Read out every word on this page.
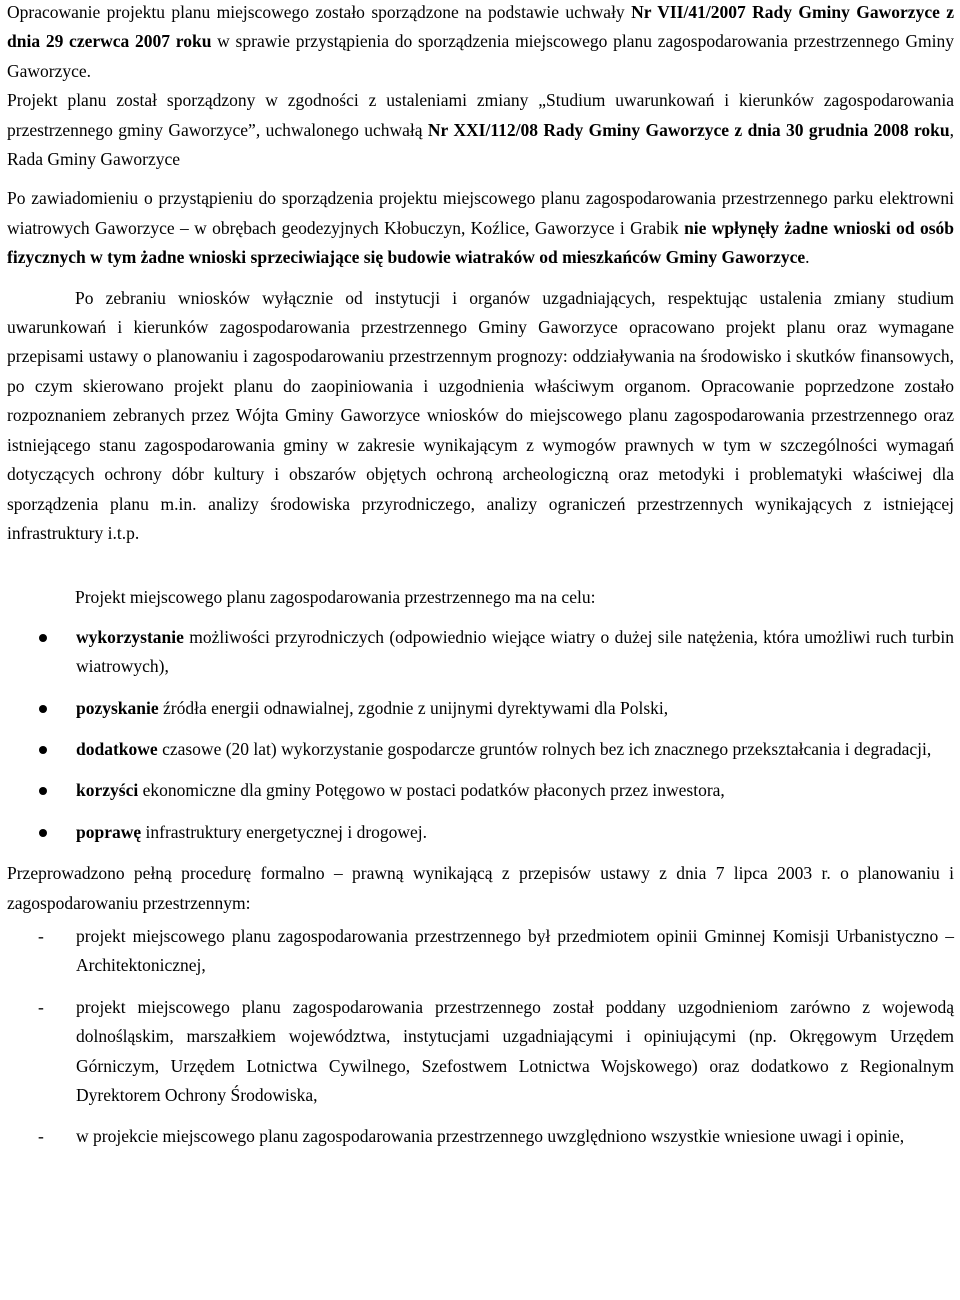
Opracowanie projektu planu miejscowego zostało sporządzone na podstawie uchwały Nr VII/41/2007 Rady Gminy Gaworzyce z dnia 29 czerwca 2007 roku w sprawie przystąpienia do sporządzenia miejscowego planu zagospodarowania przestrzennego Gminy Gaworzyce.

Projekt planu został sporządzony w zgodności z ustaleniami zmiany „Studium uwarunkowań i kierunków zagospodarowania przestrzennego gminy Gaworzyce”, uchwalonego uchwałą Nr XXI/112/08 Rady Gminy Gaworzyce z dnia 30 grudnia 2008 roku, Rada Gminy Gaworzyce

Po zawiadomieniu o przystąpieniu do sporządzenia projektu miejscowego planu zagospodarowania przestrzennego parku elektrowni wiatrowych Gaworzyce – w obrębach geodezyjnych Kłobuczyn, Koźlice, Gaworzyce i Grabik nie wpłynęły żadne wnioski od osób fizycznych w tym żadne wnioski sprzeciwiające się budowie wiatraków od mieszkańców Gminy Gaworzyce.

Po zebraniu wniosków wyłącznie od instytucji i organów uzgadniających, respektując ustalenia zmiany studium uwarunkowań i kierunków zagospodarowania przestrzennego Gminy Gaworzyce opracowano projekt planu oraz wymagane przepisami ustawy o planowaniu i zagospodarowaniu przestrzennym prognozy: oddziaływania na środowisko i skutków finansowych, po czym skierowano projekt planu do zaopiniowania i uzgodnienia właściwym organom. Opracowanie poprzedzone zostało rozpoznaniem zebranych przez Wójta Gminy Gaworzyce wniosków do miejscowego planu zagospodarowania przestrzennego oraz istniejącego stanu zagospodarowania gminy w zakresie wynikającym z wymogów prawnych w tym w szczególności wymagań dotyczących ochrony dóbr kultury i obszarów objętych ochroną archeologiczną oraz metodyki i problematyki właściwej dla sporządzenia planu m.in. analizy środowiska przyrodniczego, analizy ograniczeń przestrzennych wynikających z istniejącej infrastruktury i.t.p.

Projekt miejscowego planu zagospodarowania przestrzennego ma na celu:

wykorzystanie możliwości przyrodniczych (odpowiednio wiejące wiatry o dużej sile natężenia, która umożliwi ruch turbin wiatrowych),
pozyskanie źródła energii odnawialnej, zgodnie z unijnymi dyrektywami dla Polski,
dodatkowe czasowe (20 lat) wykorzystanie gospodarcze gruntów rolnych bez ich znacznego przekształcania i degradacji,
korzyści ekonomiczne dla gminy Potęgowo w postaci podatków płaconych przez inwestora,
poprawę infrastruktury energetycznej i drogowej.

Przeprowadzono pełną procedurę formalno – prawną wynikającą z przepisów ustawy z dnia 7 lipca 2003 r. o planowaniu i zagospodarowaniu przestrzennym:

- projekt miejscowego planu zagospodarowania przestrzennego był przedmiotem opinii Gminnej Komisji Urbanistyczno – Architektonicznej,
- projekt miejscowego planu zagospodarowania przestrzennego został poddany uzgodnieniom zarówno z wojewodą dolnośląskim, marszałkiem województwa, instytucjami uzgadniającymi i opiniującymi (np. Okręgowym Urzędem Górniczym, Urzędem Lotnictwa Cywilnego, Szefostwem Lotnictwa Wojskowego) oraz dodatkowo z Regionalnym Dyrektorem Ochrony Środowiska,
- w projekcie miejscowego planu zagospodarowania przestrzennego uwzględniono wszystkie wniesione uwagi i opinie,
